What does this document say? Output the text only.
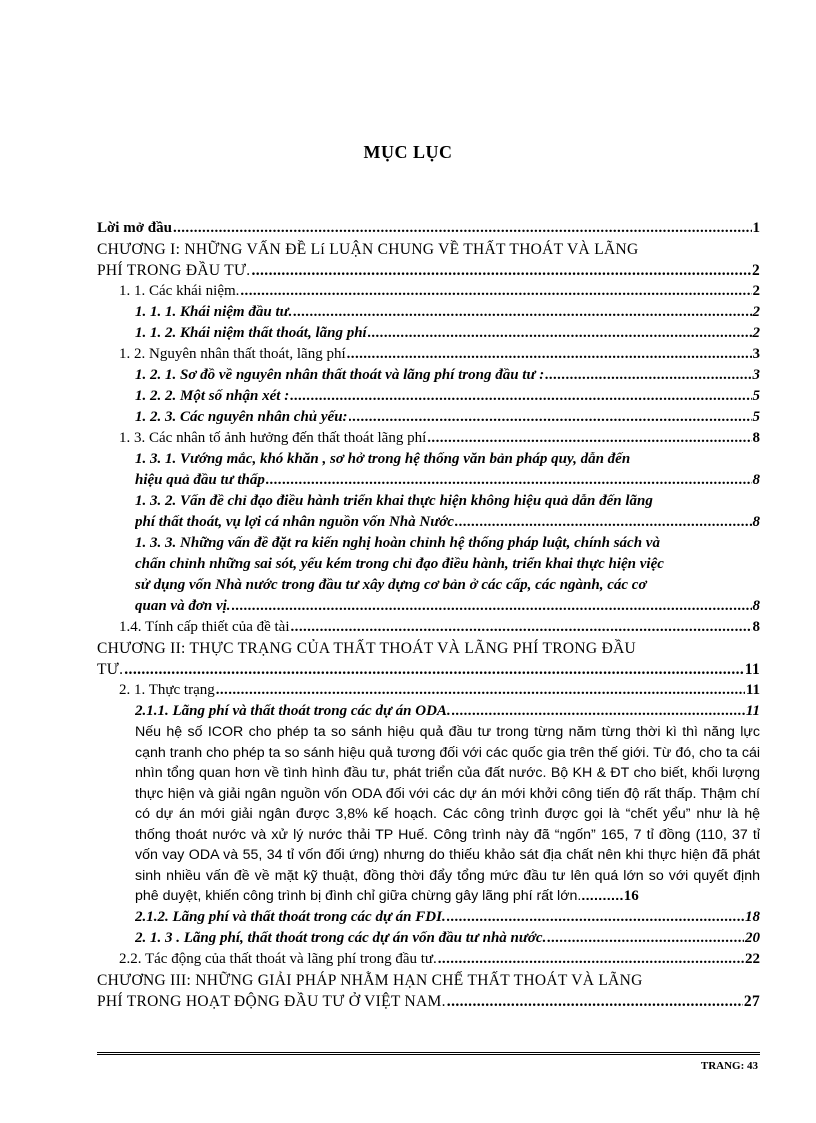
MỤC LỤC
Lời mở đầu .....	1
CHƯƠNG I: NHỮNG VẤN ĐỀ Lí LUẬN CHUNG VỀ THẤT THOÁT VÀ LÃNG
PHÍ TRONG ĐẦU TƯ. .....	2
1. 1. Các khái niệm. .....	2
1. 1. 1. Khái niệm đầu tư. .....	2
1. 1. 2. Khái niệm thất thoát, lãng phí .....	2
1. 2. Nguyên nhân thất thoát, lãng phí .....	3
1. 2. 1. Sơ đồ về nguyên nhân thất thoát và lãng phí trong đầu tư : .....	3
1. 2. 2. Một số nhận xét : .....	5
1. 2. 3. Các nguyên nhân chủ yếu: .....	5
1. 3. Các nhân tố ảnh hưởng đến thất thoát lãng phí .....	8
1. 3. 1. Vướng mắc, khó khăn , sơ hở trong hệ thống văn bản pháp quy, dẫn đến
hiệu quả đầu tư thấp .....	8
1. 3. 2. Vấn đề chỉ đạo điều hành triển khai thực hiện không hiệu quả dẫn đến lãng
phí thất thoát, vụ lợi cá nhân nguồn vốn Nhà Nước .....	8
1. 3. 3. Những vấn đề đặt ra kiến nghị hoàn chỉnh hệ thống pháp luật, chính sách và
chấn chỉnh những sai sót, yếu kém trong chỉ đạo điều hành, triển khai thực hiện việc
sử dụng vốn Nhà nước trong đầu tư xây dựng cơ bản ở các cấp, các ngành, các cơ
quan và đơn vị. .....	8
1.4. Tính cấp thiết của đề tài .....	8
CHƯƠNG II: THỰC TRẠNG CỦA THẤT THOÁT VÀ LÃNG PHÍ TRONG ĐẦU
TƯ. .....	11
2. 1. Thực trạng .....	11
2.1.1. Lãng phí và thất thoát trong các dự án ODA. .....	11
Nếu hệ số ICOR cho phép ta so sánh hiệu quả đầu tư trong từng năm từng thời kì thì năng lực cạnh tranh cho phép ta so sánh hiệu quả tương đối với các quốc gia trên thế giới. Từ đó, cho ta cái nhìn tổng quan hơn về tình hình đầu tư, phát triển của đất nước. Bộ KH & ĐT cho biết, khối lượng thực hiện và giải ngân nguồn vốn ODA đối với các dự án mới khởi công tiến độ rất thấp. Thậm chí có dự án mới giải ngân được 3,8% kế hoạch. Các công trình được gọi là “chết yểu” như là hệ thống thoát nước và xử lý nước thải TP Huế. Công trình này đã “ngốn” 165, 7 tỉ đồng (110, 37 tỉ vốn vay ODA và 55, 34 tỉ vốn đối ứng) nhưng do thiếu khảo sát địa chất nên khi thực hiện đã phát sinh nhiều vấn đề về mặt kỹ thuật, đồng thời đẩy tổng mức đầu tư lên quá lớn so với quyết định phê duyệt, khiến công trình bị đình chỉ giữa chừng gây lãng phí rất lớn...........16
2.1.2. Lãng phí và thất thoát trong các dự án FDI. .....	18
2. 1. 3 . Lãng phí, thất thoát trong các dự án vốn đầu tư nhà nước. .....	20
2.2. Tác động của thất thoát và lãng phí trong đầu tư. .....	22
CHƯƠNG III: NHỮNG GIẢI PHÁP NHẰM HẠN CHẾ THẤT THOÁT VÀ LÃNG
PHÍ TRONG HOẠT ĐỘNG ĐẦU TƯ Ở VIỆT NAM. .....	27
TRANG: 43
